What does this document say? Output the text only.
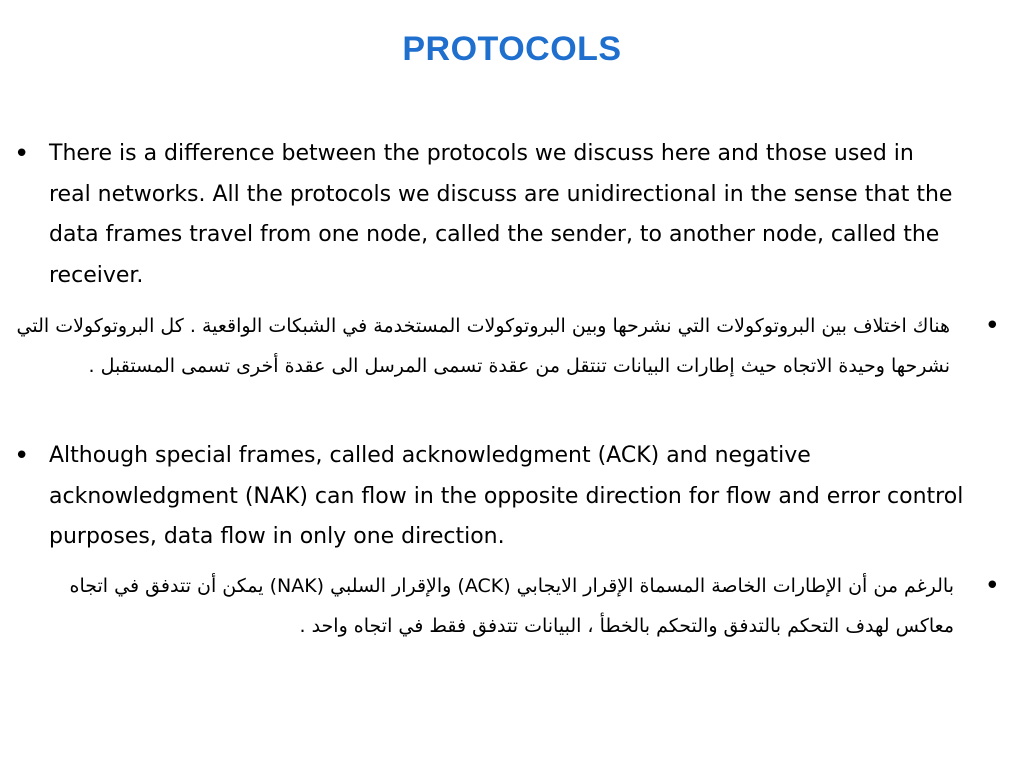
PROTOCOLS
• There is a difference between the protocols we discuss here and those used in real networks. All the protocols we discuss are unidirectional in the sense that the data frames travel from one node, called the sender, to another node, called the receiver.
•
هناك اختلاف بين البروتوكولات التي نشرحها وبين البروتوكولات المستخدمة في الشبكات الواقعية . كل البروتوكولات التي نشرحها وحيدة الاتجاه حيث إطارات البيانات تنتقل من عقدة تسمى المرسل الى عقدة أخرى تسمى المستقبل .
• Although special frames, called acknowledgment (ACK) and negative acknowledgment (NAK) can flow in the opposite direction for flow and error control purposes, data flow in only one direction.
•
بالرغم من أن الإطارات الخاصة المسماة الإقرار الايجابي (ACK) والإقرار السلبي (NAK) يمكن أن تتدفق في اتجاه معاكس لهدف التحكم بالتدفق والتحكم بالخطأ ، البيانات تتدفق فقط في اتجاه واحد .
